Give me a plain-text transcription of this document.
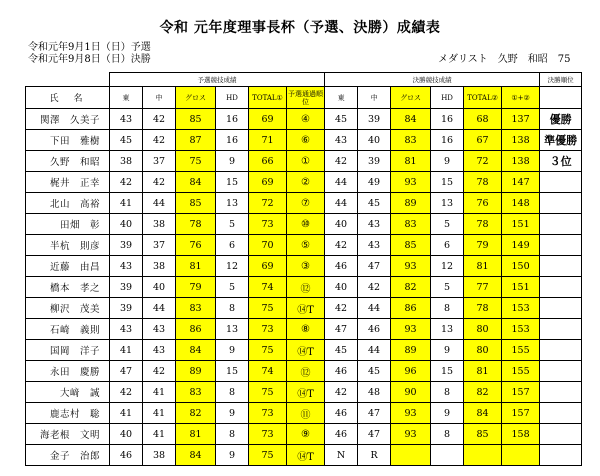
令和 元年度理事長杯（予選、決勝）成績表
令和元年9月1日（日）予選
令和元年9月8日（日）決勝	メダリスト　久野　和昭　75
	予選競技成績						決勝競技成績						決勝順位
氏　名	東	中	グロス	HD	TOTAL①	予選通過順位	東	中	グロス	HD	TOTAL②	①+②	
関澤　久美子	43	42	85	16	69	④	45	39	84	16	68	137	優勝
下田　雅樹	45	42	87	16	71	⑥	43	40	83	16	67	138	準優勝
久野　和昭	38	37	75	9	66	①	42	39	81	9	72	138	３位
梶井　正幸	42	42	84	15	69	②	44	49	93	15	78	147	
北山　高裕	41	44	85	13	72	⑦	44	45	89	13	76	148	
田畑　彰	40	38	78	5	73	⑩	40	43	83	5	78	151	
半杭　則彦	39	37	76	6	70	⑤	42	43	85	6	79	149	
近藤　由昌	43	38	81	12	69	③	46	47	93	12	81	150	
橋本　孝之	39	40	79	5	74	⑫	40	42	82	5	77	151	
柳沢　茂美	39	44	83	8	75	⑭T	42	44	86	8	78	153	
石崎　義則	43	43	86	13	73	⑧	47	46	93	13	80	153	
国岡　洋子	41	43	84	9	75	⑭T	45	44	89	9	80	155	
永田　慶勝	47	42	89	15	74	⑫	46	45	96	15	81	155	
大﨑　誠	42	41	83	8	75	⑭T	42	48	90	8	82	157	
鹿志村　聡	41	41	82	9	73	⑪	46	47	93	9	84	157	
海老根　文明	40	41	81	8	73	⑨	46	47	93	8	85	158	
金子　治郎	46	38	84	9	75	⑭T	N	R					
